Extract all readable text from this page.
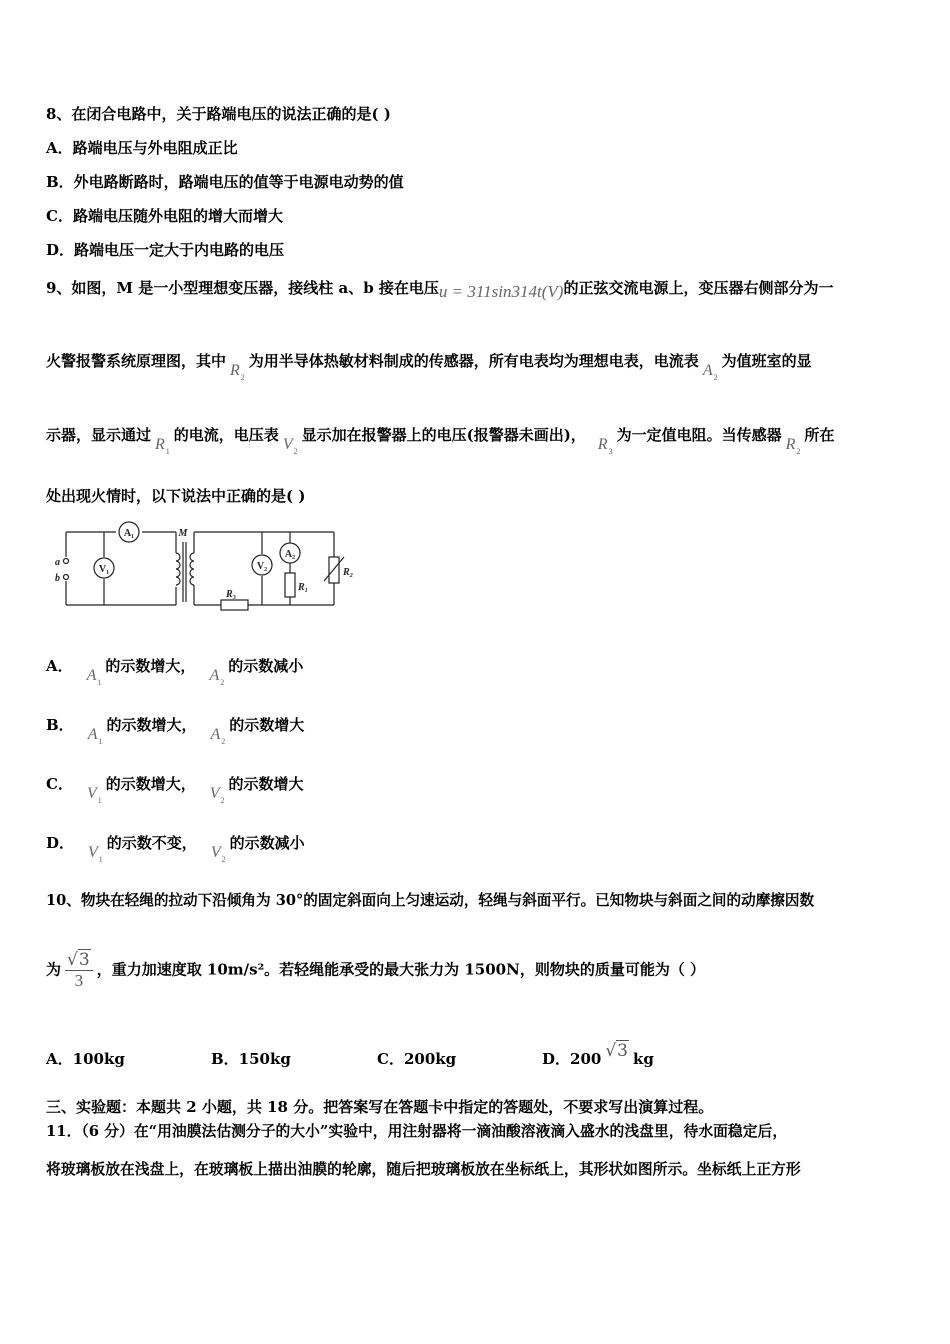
8、在闭合电路中，关于路端电压的说法正确的是( )
A．路端电压与外电阻成正比
B．外电路断路时，路端电压的值等于电源电动势的值
C．路端电压随外电阻的增大而增大
D．路端电压一定大于内电路的电压
9、如图，M 是一小型理想变压器，接线柱 a、b 接在电压u = 311sin314t(V)的正弦交流电源上，变压器右侧部分为一
火警报警系统原理图，其中$R_2$为用半导体热敏材料制成的传感器，所有电表均为理想电表，电流表$A_2$为值班室的显
示器，显示通过$R_1$的电流，电压表$V_2$显示加在报警器上的电压(报警器未画出)，$R_3$为一定值电阻。当传感器$R_2$所在
处出现火情时，以下说法中正确的是( )
A₁
V₁	V₂
A₂
R₁
R₂
R₃
M
a
b
A．$A_1$的示数增大，$A_2$的示数减小
B．$A_1$的示数增大，$A_2$的示数增大
C．$V_1$的示数增大，$V_2$的示数增大
D．$V_1$的示数不变，$V_2$的示数减小
10、物块在轻绳的拉动下沿倾角为 30°的固定斜面向上匀速运动，轻绳与斜面平行。已知物块与斜面之间的动摩擦因数
为 $\frac{√3}{3}$ ，重力加速度取 10m/s²。若轻绳能承受的最大张力为 1500N，则物块的质量可能为（ ）
A．100kg	B．150kg	C．200kg	D．200 √3 kg
三、实验题：本题共 2 小题，共 18 分。把答案写在答题卡中指定的答题处，不要求写出演算过程。
11．（6 分）在“用油膜法估测分子的大小”实验中，用注射器将一滴油酸溶液滴入盛水的浅盘里，待水面稳定后，
将玻璃板放在浅盘上，在玻璃板上描出油膜的轮廓，随后把玻璃板放在坐标纸上，其形状如图所示。坐标纸上正方形
